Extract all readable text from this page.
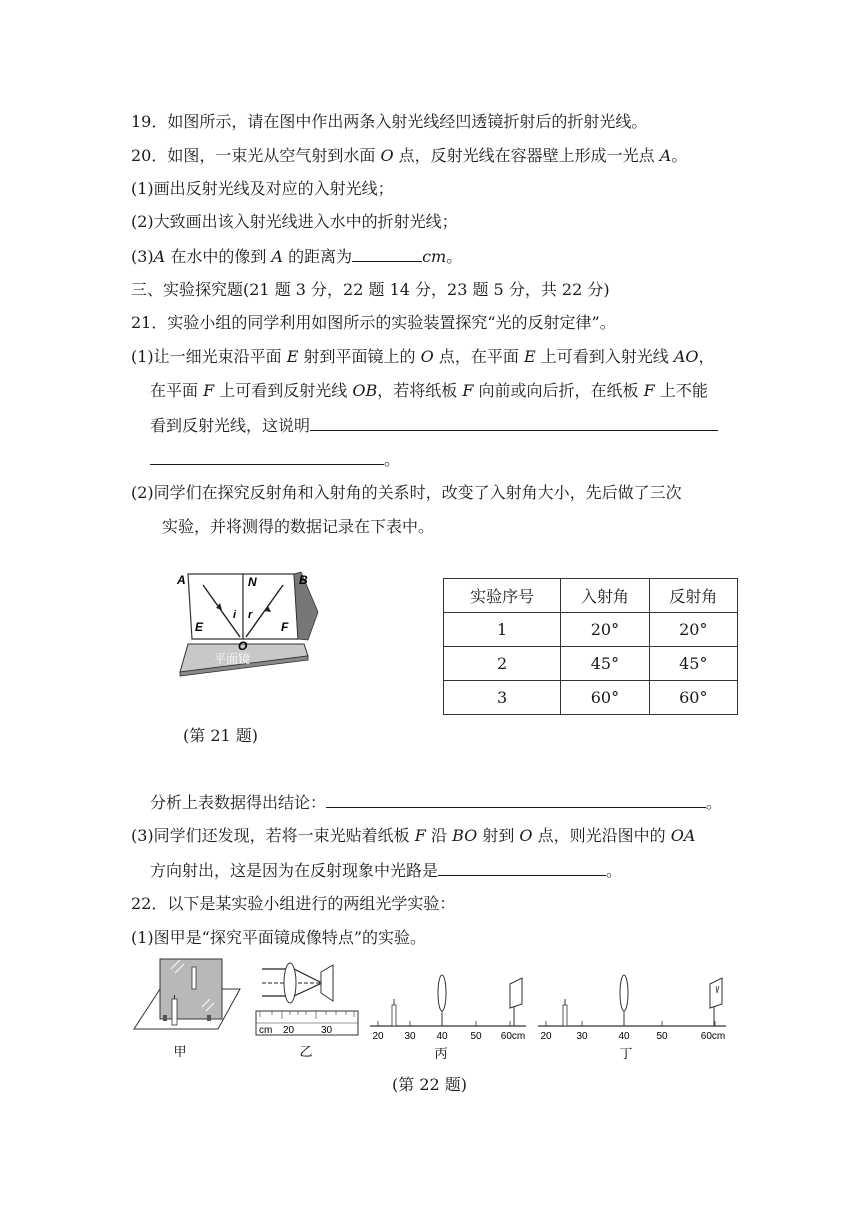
19．如图所示，请在图中作出两条入射光线经凹透镜折射后的折射光线。
20．如图，一束光从空气射到水面 O 点，反射光线在容器壁上形成一光点 A。
(1)画出反射光线及对应的入射光线；
(2)大致画出该入射光线进入水中的折射光线；
(3)A 在水中的像到 A 的距离为	cm。
三、实验探究题(21 题 3 分，22 题 14 分，23 题 5 分，共 22 分)
21．实验小组的同学利用如图所示的实验装置探究“光的反射定律”。
(1)让一细光束沿平面 E 射到平面镜上的 O 点，在平面 E 上可看到入射光线 AO，
在平面 F 上可看到反射光线 OB，若将纸板 F 向前或向后折，在纸板 F 上不能
看到反射光线，这说明
。
(2)同学们在探究反射角和入射角的关系时，改变了入射角大小，先后做了三次
实验，并将测得的数据记录在下表中。
A	B
N
i r
E
O
F
平面镜
实验序号	入射角	反射角
1	20°	20°
2	45°	45°
3	60°	60°
(第 21 题)
分析上表数据得出结论：	。
(3)同学们还发现，若将一束光贴着纸板 F 沿 BO 射到 O 点，则光沿图中的 OA
方向射出，这是因为在反射现象中光路是	。
22．以下是某实验小组进行的两组光学实验：
(1)图甲是“探究平面镜成像特点”的实验。
甲
cm 20	30
乙
20 30 40 50 60cm
丙
20 30	40	50	60cm
丁
(第 22 题)
